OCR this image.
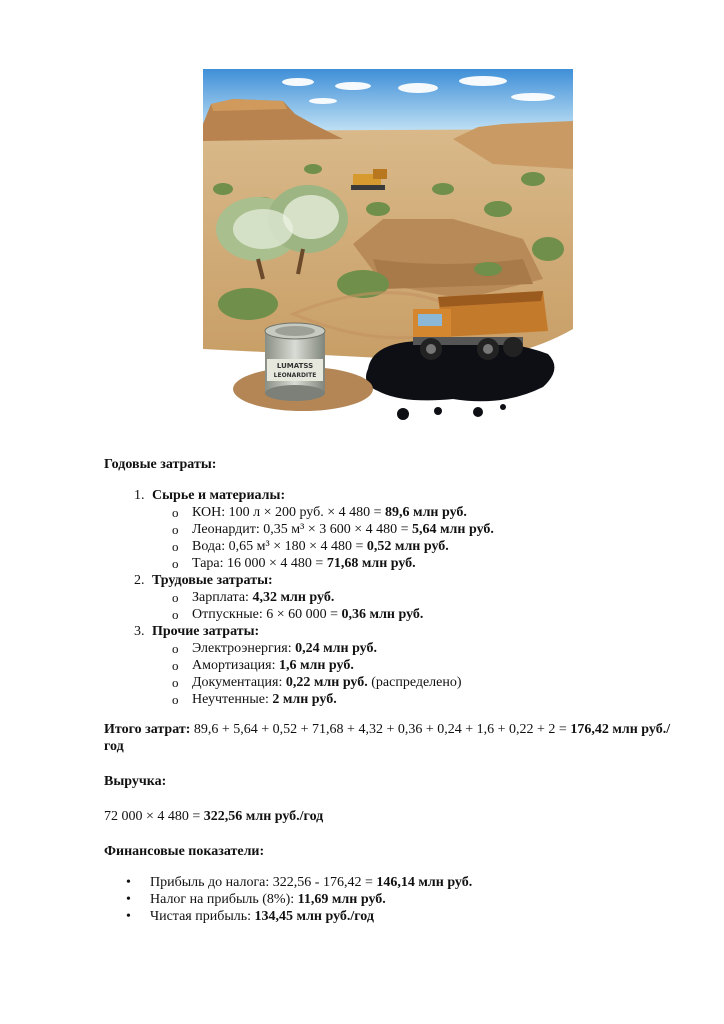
LUMATSS
LEONARDITE

Годовые затраты:

1. Сырье и материалы:
o КОН: 100 л × 200 руб. × 4 480 = 89,6 млн руб.
o Леонардит: 0,35 м³ × 3 600 × 4 480 = 5,64 млн руб.
o Вода: 0,65 м³ × 180 × 4 480 = 0,52 млн руб.
o Тара: 16 000 × 4 480 = 71,68 млн руб.
2. Трудовые затраты:
o Зарплата: 4,32 млн руб.
o Отпускные: 6 × 60 000 = 0,36 млн руб.
3. Прочие затраты:
o Электроэнергия: 0,24 млн руб.
o Амортизация: 1,6 млн руб.
o Документация: 0,22 млн руб. (распределено)
o Неучтенные: 2 млн руб.

Итого затрат: 89,6 + 5,64 + 0,52 + 71,68 + 4,32 + 0,36 + 0,24 + 1,6 + 0,22 + 2 = 176,42 млн руб./год

Выручка:

72 000 × 4 480 = 322,56 млн руб./год

Финансовые показатели:

• Прибыль до налога: 322,56 - 176,42 = 146,14 млн руб.
• Налог на прибыль (8%): 11,69 млн руб.
• Чистая прибыль: 134,45 млн руб./год
